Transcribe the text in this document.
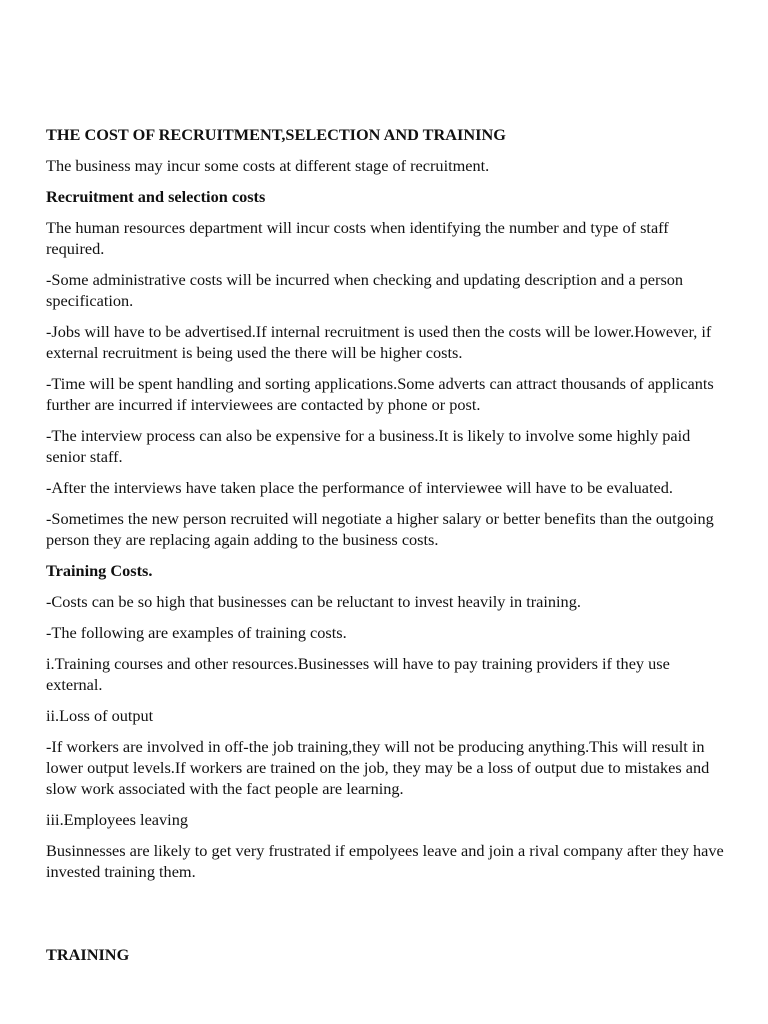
THE COST OF RECRUITMENT,SELECTION AND TRAINING

The business may incur some costs at different stage of recruitment.

Recruitment and selection costs

The human resources department will incur costs when identifying the number and type of staff required.

-Some administrative costs will be incurred when checking and updating description and a person specification.

-Jobs will have to be advertised.If internal recruitment is used then the costs will be lower.However, if external recruitment is being used the there will be higher costs.

-Time will be spent handling and sorting applications.Some adverts can attract thousands of applicants further are incurred if interviewees are contacted by phone or post.

-The interview process can also be expensive for a business.It is likely to involve some highly paid senior staff.

-After the interviews have taken place the performance of interviewee will have to be evaluated.

-Sometimes the new person recruited will negotiate a higher salary or better benefits than the outgoing person they are replacing again adding to the business costs.

Training Costs.

-Costs can be so high that businesses can be reluctant to invest heavily in training.

-The following are examples of training costs.

i.Training courses and other resources.Businesses will have to pay training providers if they use external.

ii.Loss of output

-If workers are involved in off-the job training,they will not be producing anything.This will result in lower output levels.If workers are trained on the job, they may be a loss of output due to mistakes and slow work associated with the fact people are learning.

iii.Employees leaving

Businnesses are likely to get very frustrated if empolyees leave and join a rival company after they have invested training them.

TRAINING
